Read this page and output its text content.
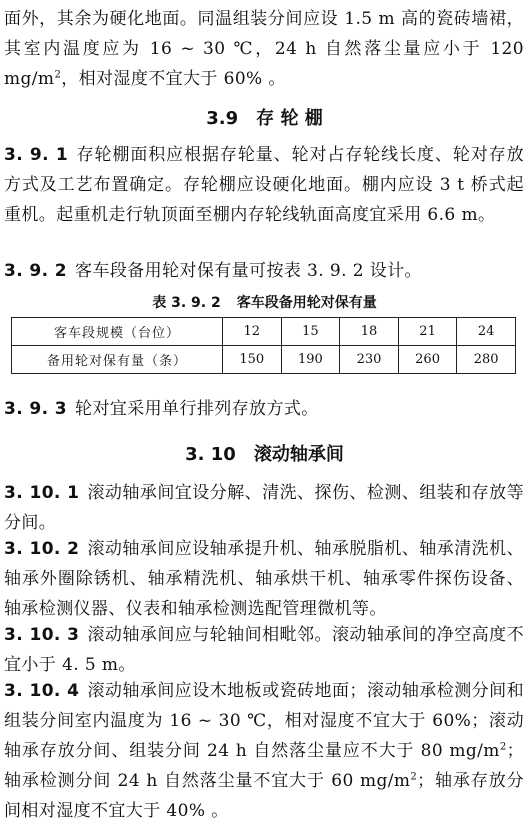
面外，其余为硬化地面。同温组装分间应设 1.5 m 高的瓷砖墙裙，其室内温度应为 16 ~ 30 ℃，24 h 自然落尘量应小于 120 $mg/m^2$，相对湿度不宜大于 60% 。

3.9 存 轮 棚

3. 9. 1 存轮棚面积应根据存轮量、轮对占存轮线长度、轮对存放方式及工艺布置确定。存轮棚应设硬化地面。棚内应设 3 t 桥式起重机。起重机走行轨顶面至棚内存轮线轨面高度宜采用 6.6 m。

3. 9. 2 客车段备用轮对保有量可按表 3. 9. 2 设计。

表 3. 9. 2 客车段备用轮对保有量

客车段规模（台位）	12	15	18	21	24
备用轮对保有量（条）	150	190	230	260	280

3. 9. 3 轮对宜采用单行排列存放方式。

3. 10 滚动轴承间

3. 10. 1 滚动轴承间宜设分解、清洗、探伤、检测、组装和存放等分间。

3. 10. 2 滚动轴承间应设轴承提升机、轴承脱脂机、轴承清洗机、轴承外圈除锈机、轴承精洗机、轴承烘干机、轴承零件探伤设备、轴承检测仪器、仪表和轴承检测选配管理微机等。

3. 10. 3 滚动轴承间应与轮轴间相毗邻。滚动轴承间的净空高度不宜小于 4. 5 m。

3. 10. 4 滚动轴承间应设木地板或瓷砖地面；滚动轴承检测分间和组装分间室内温度为 16 ~ 30 ℃，相对湿度不宜大于 60%；滚动轴承存放分间、组装分间 24 h 自然落尘量应不大于 80 $mg/m^2$；轴承检测分间 24 h 自然落尘量不宜大于 60 $mg/m^2$；轴承存放分间相对湿度不宜大于 40% 。
